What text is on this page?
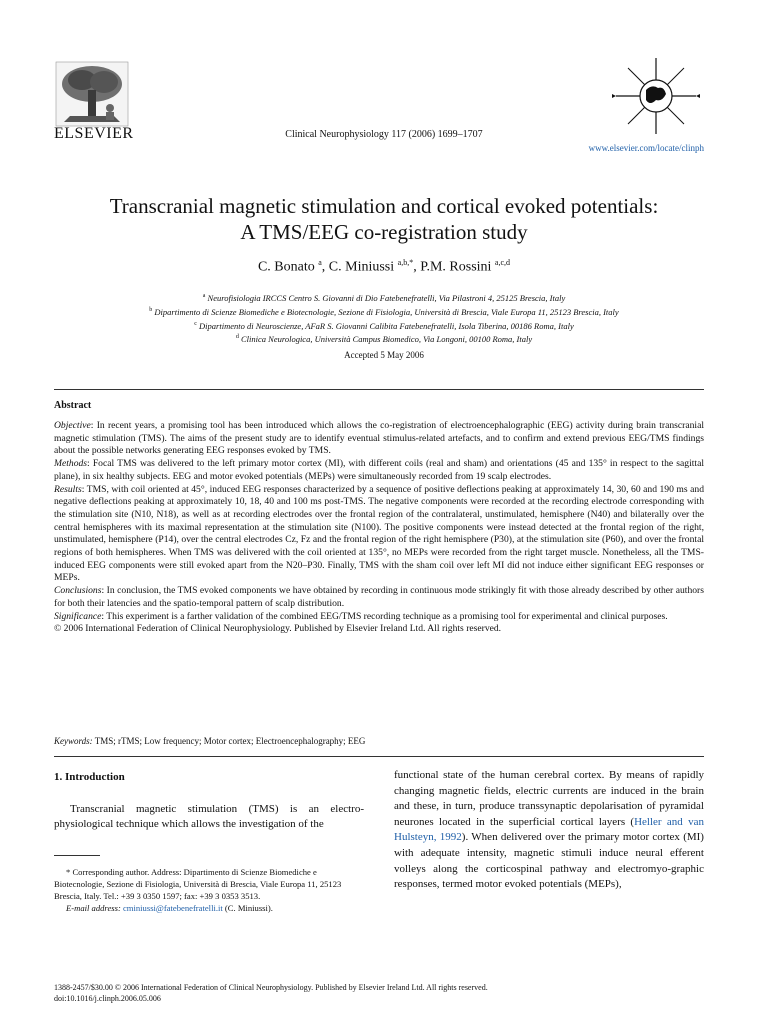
ELSEVIER	Clinical Neurophysiology 117 (2006) 1699–1707
www.elsevier.com/locate/clinph
Transcranial magnetic stimulation and cortical evoked potentials:
A TMS/EEG co-registration study
C. Bonato $^a$, C. Miniussi $^{a,b,*}$, P.M. Rossini $^{a,c,d}$
$^a$ Neurofisiologia IRCCS Centro S. Giovanni di Dio Fatebenefratelli, Via Pilastroni 4, 25125 Brescia, Italy
$^b$ Dipartimento di Scienze Biomediche e Biotecnologie, Sezione di Fisiologia, Università di Brescia, Viale Europa 11, 25123 Brescia, Italy
$^c$ Dipartimento di Neuroscienze, AFaR S. Giovanni Calibita Fatebenefratelli, Isola Tiberina, 00186 Roma, Italy
$^d$ Clinica Neurologica, Università Campus Biomedico, Via Longoni, 00100 Roma, Italy
Accepted 5 May 2006
Abstract

Objective: In recent years, a promising tool has been introduced which allows the co-registration of electroencephalographic (EEG) activity during brain transcranial magnetic stimulation (TMS). The aims of the present study are to identify eventual stimulus-related artefacts, and to confirm and extend previous EEG/TMS findings about the possible networks generating EEG responses evoked by TMS.

Methods: Focal TMS was delivered to the left primary motor cortex (MI), with different coils (real and sham) and orientations (45 and 135° in respect to the sagittal plane), in six healthy subjects. EEG and motor evoked potentials (MEPs) were simultaneously recorded from 19 scalp electrodes.

Results: TMS, with coil oriented at 45°, induced EEG responses characterized by a sequence of positive deflections peaking at approximately 14, 30, 60 and 190 ms and negative deflections peaking at approximately 10, 18, 40 and 100 ms post-TMS. The negative components were recorded at the recording electrode corresponding with the stimulation site (N10, N18), as well as at recording electrodes over the frontal region of the contralateral, unstimulated, hemisphere (N40) and bilaterally over the central hemispheres with its maximal representation at the stimulation site (N100). The positive components were instead detected at the frontal region of the right, unstimulated, hemisphere (P14), over the central electrodes Cz, Fz and the frontal region of the right hemisphere (P30), at the stimulation site (P60), and over the frontal regions of both hemispheres. When TMS was delivered with the coil oriented at 135°, no MEPs were recorded from the right target muscle. Nonetheless, all the TMS-induced EEG components were still evoked apart from the N20–P30. Finally, TMS with the sham coil over left MI did not induce either significant EEG responses or MEPs.

Conclusions: In conclusion, the TMS evoked components we have obtained by recording in continuous mode strikingly fit with those already described by other authors for both their latencies and the spatio-temporal pattern of scalp distribution.

Significance: This experiment is a farther validation of the combined EEG/TMS recording technique as a promising tool for experimental and clinical purposes.

© 2006 International Federation of Clinical Neurophysiology. Published by Elsevier Ireland Ltd. All rights reserved.

Keywords: TMS; rTMS; Low frequency; Motor cortex; Electroencephalography; EEG
1. Introduction
Transcranial magnetic stimulation (TMS) is an electro-physiological technique which allows the investigation of the
* Corresponding author. Address: Dipartimento di Scienze Biomediche e Biotecnologie, Sezione di Fisiologia, Università di Brescia, Viale Europa 11, 25123 Brescia, Italy. Tel.: +39 3 0350 1597; fax: +39 3 0353 3513.
E-mail address: cminiussi@fatebenefratelli.it (C. Miniussi).
functional state of the human cerebral cortex. By means of rapidly changing magnetic fields, electric currents are induced in the brain and these, in turn, produce transsynaptic depolarisation of pyramidal neurones located in the superficial cortical layers (Heller and van Hulsteyn, 1992). When delivered over the primary motor cortex (MI) with adequate intensity, magnetic stimuli induce neural efferent volleys along the corticospinal pathway and electromyo-graphic responses, termed motor evoked potentials (MEPs),
1388-2457/$30.00 © 2006 International Federation of Clinical Neurophysiology. Published by Elsevier Ireland Ltd. All rights reserved.
doi:10.1016/j.clinph.2006.05.006
